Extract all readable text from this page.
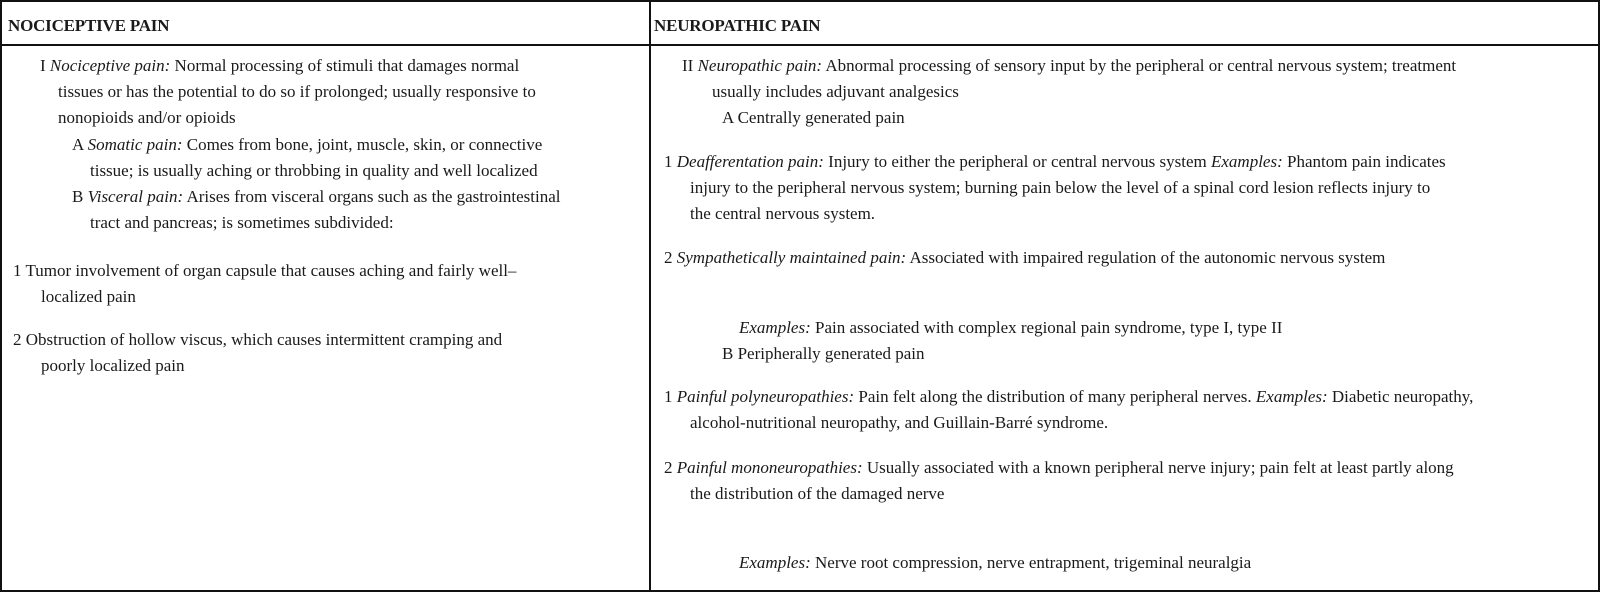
NOCICEPTIVE PAIN	NEUROPATHIC PAIN
I Nociceptive pain: Normal processing of stimuli that damages normal
tissues or has the potential to do so if prolonged; usually responsive to
nonopioids and/or opioids
A Somatic pain: Comes from bone, joint, muscle, skin, or connective
tissue; is usually aching or throbbing in quality and well localized
B Visceral pain: Arises from visceral organs such as the gastrointestinal
tract and pancreas; is sometimes subdivided:
1 Tumor involvement of organ capsule that causes aching and fairly well–
localized pain
2 Obstruction of hollow viscus, which causes intermittent cramping and
poorly localized pain
II Neuropathic pain: Abnormal processing of sensory input by the peripheral or central nervous system; treatment
usually includes adjuvant analgesics
A Centrally generated pain
1 Deafferentation pain: Injury to either the peripheral or central nervous system Examples: Phantom pain indicates
injury to the peripheral nervous system; burning pain below the level of a spinal cord lesion reflects injury to
the central nervous system.
2 Sympathetically maintained pain: Associated with impaired regulation of the autonomic nervous system
Examples: Pain associated with complex regional pain syndrome, type I, type II
B Peripherally generated pain
1 Painful polyneuropathies: Pain felt along the distribution of many peripheral nerves. Examples: Diabetic neuropathy,
alcohol-nutritional neuropathy, and Guillain-Barré syndrome.
2 Painful mononeuropathies: Usually associated with a known peripheral nerve injury; pain felt at least partly along
the distribution of the damaged nerve
Examples: Nerve root compression, nerve entrapment, trigeminal neuralgia
